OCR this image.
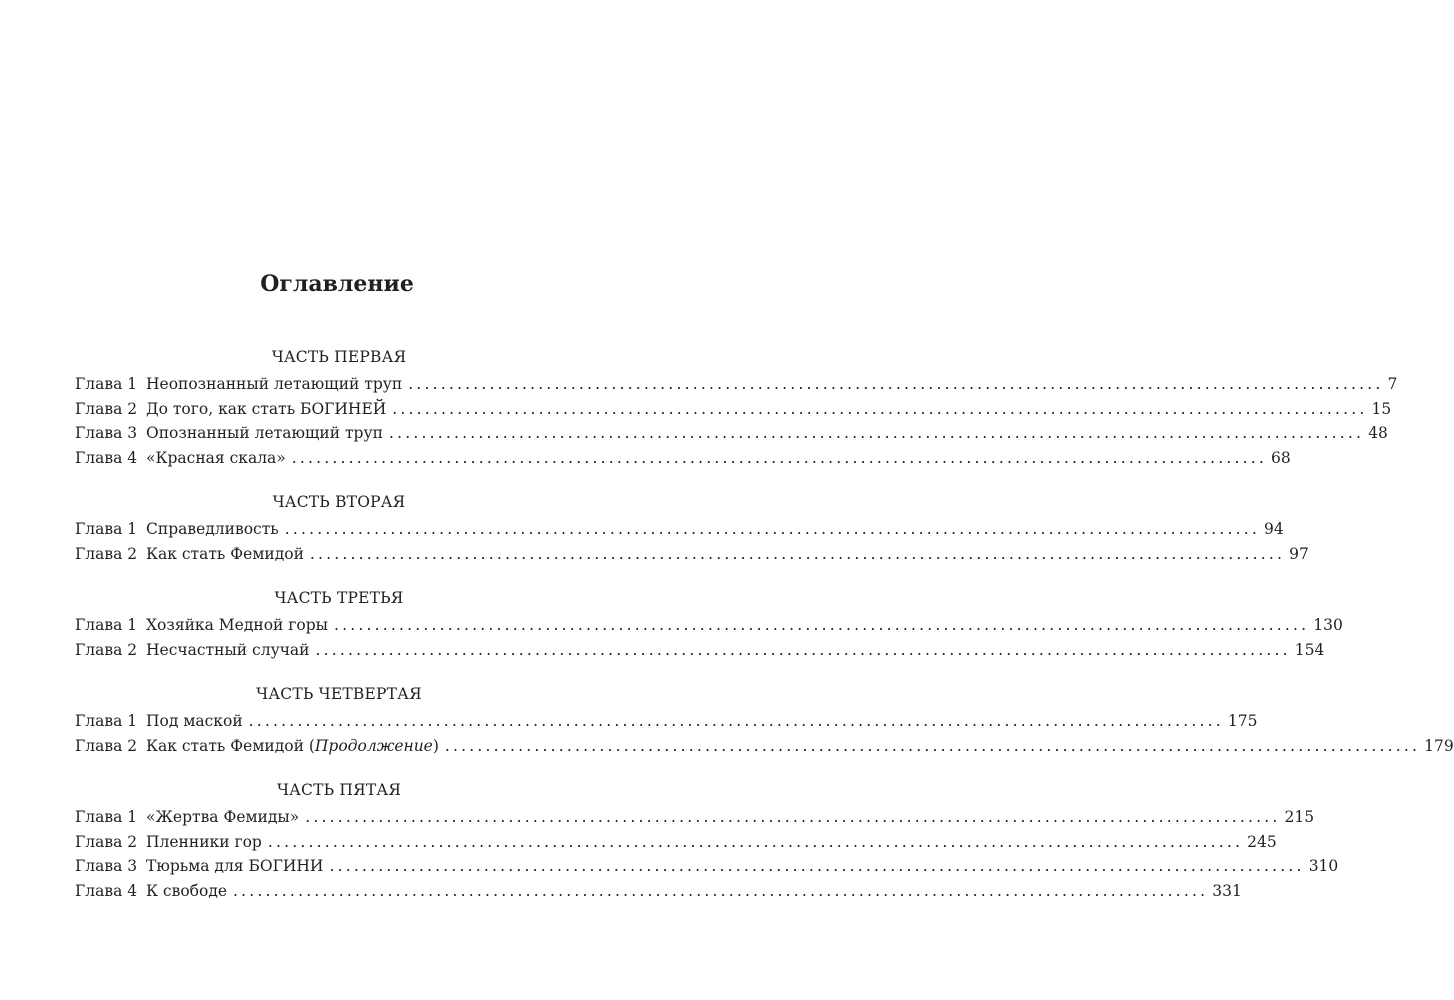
Оглавление
ЧАСТЬ ПЕРВАЯ
Глава 1 Неопознанный летающий труп ........................................................................................................................ 7
Глава 2 До того, как стать БОГИНЕЙ ........................................................................................................................ 15
Глава 3 Опознанный летающий труп ........................................................................................................................ 48
Глава 4 «Красная скала» ........................................................................................................................ 68
ЧАСТЬ ВТОРАЯ
Глава 1 Справедливость ........................................................................................................................ 94
Глава 2 Как стать Фемидой ........................................................................................................................ 97
ЧАСТЬ ТРЕТЬЯ
Глава 1 Хозяйка Медной горы ........................................................................................................................ 130
Глава 2 Несчастный случай ........................................................................................................................ 154
ЧАСТЬ ЧЕТВЕРТАЯ
Глава 1 Под маской ........................................................................................................................ 175
Глава 2 Как стать Фемидой (Продолжение) ........................................................................................................................ 179
ЧАСТЬ ПЯТАЯ
Глава 1 «Жертва Фемиды» ........................................................................................................................ 215
Глава 2 Пленники гор ........................................................................................................................ 245
Глава 3 Тюрьма для БОГИНИ ........................................................................................................................ 310
Глава 4 К свободе ........................................................................................................................ 331
